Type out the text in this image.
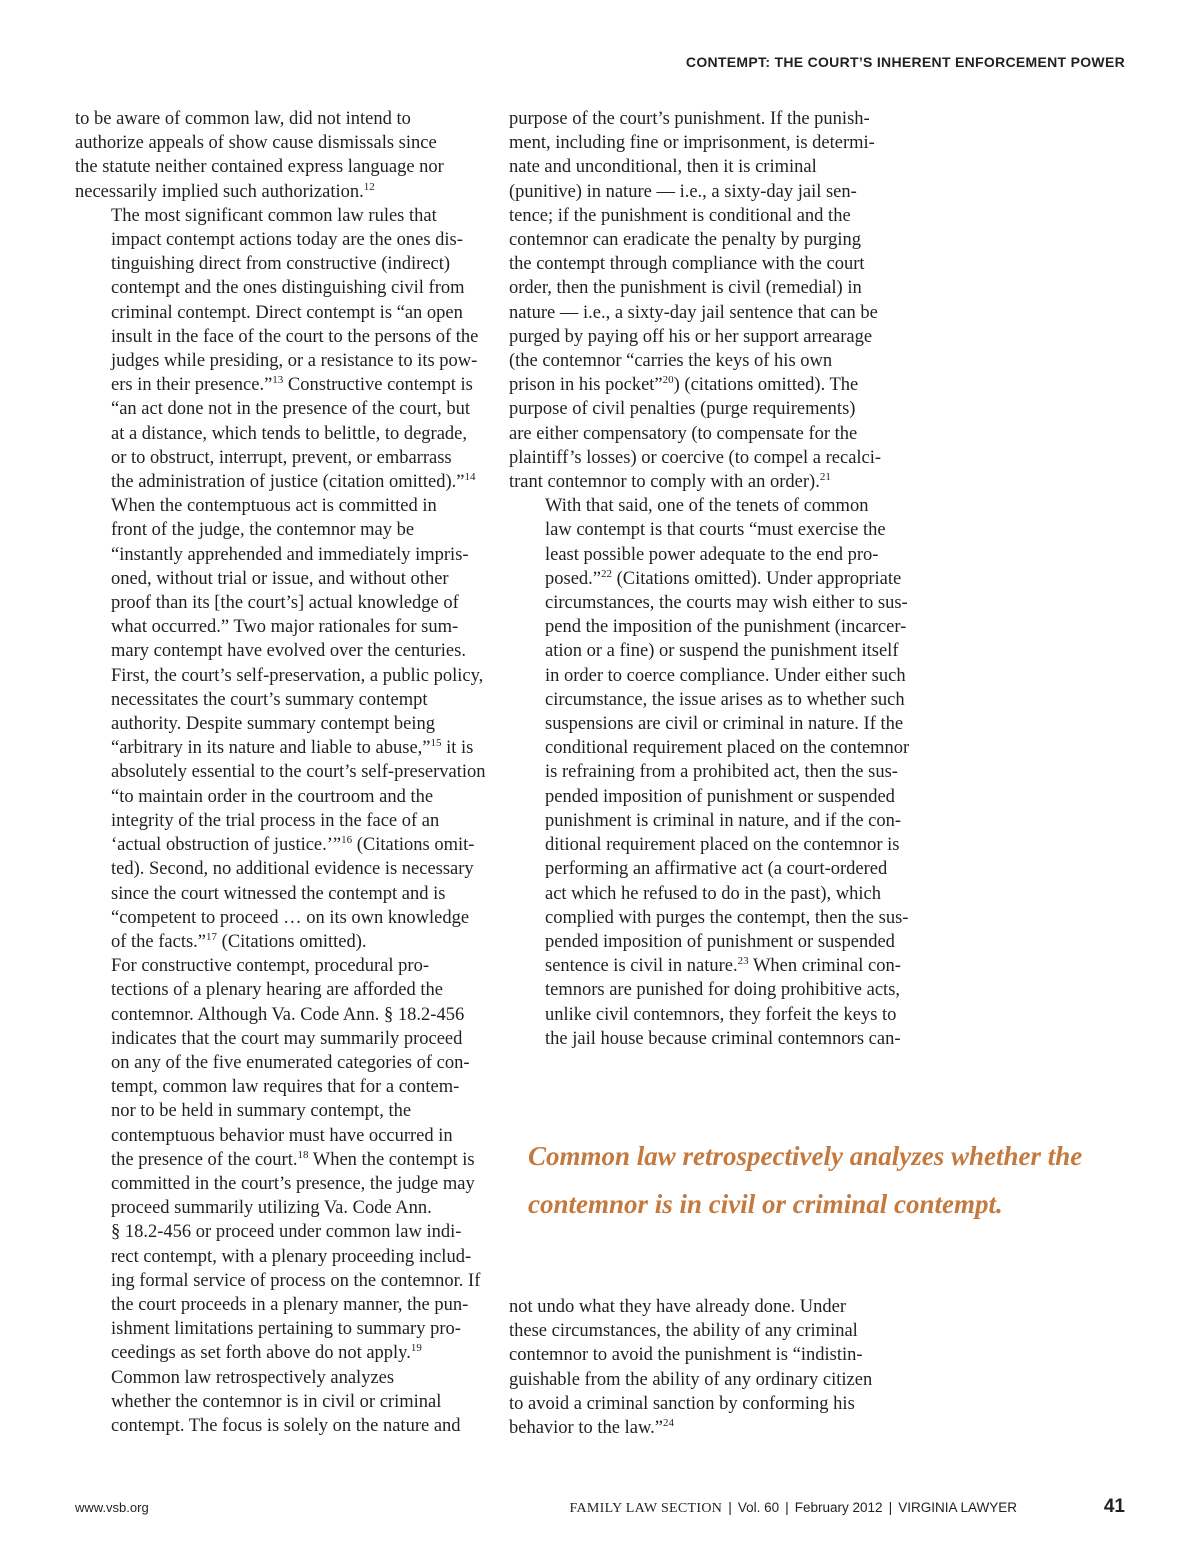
CONTEMPT: THE COURT’S INHERENT ENFORCEMENT POWER

to be aware of common law, did not intend to
authorize appeals of show cause dismissals since
the statute neither contained express language nor
necessarily implied such authorization.$^{12}$

The most significant common law rules that
impact contempt actions today are the ones dis-
tinguishing direct from constructive (indirect)
contempt and the ones distinguishing civil from
criminal contempt. Direct contempt is “an open
insult in the face of the court to the persons of the
judges while presiding, or a resistance to its pow-
ers in their presence.”$^{13}$ Constructive contempt is
“an act done not in the presence of the court, but
at a distance, which tends to belittle, to degrade,
or to obstruct, interrupt, prevent, or embarrass
the administration of justice (citation omitted).”$^{14}$
When the contemptuous act is committed in
front of the judge, the contemnor may be
“instantly apprehended and immediately impris-
oned, without trial or issue, and without other
proof than its [the court’s] actual knowledge of
what occurred.” Two major rationales for sum-
mary contempt have evolved over the centuries.
First, the court’s self-preservation, a public policy,
necessitates the court’s summary contempt
authority. Despite summary contempt being
“arbitrary in its nature and liable to abuse,”$^{15}$ it is
absolutely essential to the court’s self-preservation
“to maintain order in the courtroom and the
integrity of the trial process in the face of an
‘actual obstruction of justice.’”$^{16}$ (Citations omit-
ted). Second, no additional evidence is necessary
since the court witnessed the contempt and is
“competent to proceed … on its own knowledge
of the facts.”$^{17}$ (Citations omitted).

For constructive contempt, procedural pro-
tections of a plenary hearing are afforded the
contemnor. Although Va. Code Ann. § 18.2-456
indicates that the court may summarily proceed
on any of the five enumerated categories of con-
tempt, common law requires that for a contem-
nor to be held in summary contempt, the
contemptuous behavior must have occurred in
the presence of the court.$^{18}$ When the contempt is
committed in the court’s presence, the judge may
proceed summarily utilizing Va. Code Ann.
§ 18.2-456 or proceed under common law indi-
rect contempt, with a plenary proceeding includ-
ing formal service of process on the contemnor. If
the court proceeds in a plenary manner, the pun-
ishment limitations pertaining to summary pro-
ceedings as set forth above do not apply.$^{19}$

Common law retrospectively analyzes
whether the contemnor is in civil or criminal
contempt. The focus is solely on the nature and

purpose of the court’s punishment. If the punish-
ment, including fine or imprisonment, is determi-
nate and unconditional, then it is criminal
(punitive) in nature — i.e., a sixty-day jail sen-
tence; if the punishment is conditional and the
contemnor can eradicate the penalty by purging
the contempt through compliance with the court
order, then the punishment is civil (remedial) in
nature — i.e., a sixty-day jail sentence that can be
purged by paying off his or her support arrearage
(the contemnor “carries the keys of his own
prison in his pocket”$^{20}$) (citations omitted). The
purpose of civil penalties (purge requirements)
are either compensatory (to compensate for the
plaintiff’s losses) or coercive (to compel a recalci-
trant contemnor to comply with an order).$^{21}$

With that said, one of the tenets of common
law contempt is that courts “must exercise the
least possible power adequate to the end pro-
posed.”$^{22}$ (Citations omitted). Under appropriate
circumstances, the courts may wish either to sus-
pend the imposition of the punishment (incarcer-
ation or a fine) or suspend the punishment itself
in order to coerce compliance. Under either such
circumstance, the issue arises as to whether such
suspensions are civil or criminal in nature. If the
conditional requirement placed on the contemnor
is refraining from a prohibited act, then the sus-
pended imposition of punishment or suspended
punishment is criminal in nature, and if the con-
ditional requirement placed on the contemnor is
performing an affirmative act (a court-ordered
act which he refused to do in the past), which
complied with purges the contempt, then the sus-
pended imposition of punishment or suspended
sentence is civil in nature.$^{23}$ When criminal con-
temnors are punished for doing prohibitive acts,
unlike civil contemnors, they forfeit the keys to
the jail house because criminal contemnors can-

Common law retrospectively analyzes whether the
contemnor is in civil or criminal contempt.

not undo what they have already done. Under
these circumstances, the ability of any criminal
contemnor to avoid the punishment is “indistin-
guishable from the ability of any ordinary citizen
to avoid a criminal sanction by conforming his
behavior to the law.”$^{24}$

www.vsb.org	FAMILY LAW SECTION | Vol. 60 | February 2012 | VIRGINIA LAWYER	41
